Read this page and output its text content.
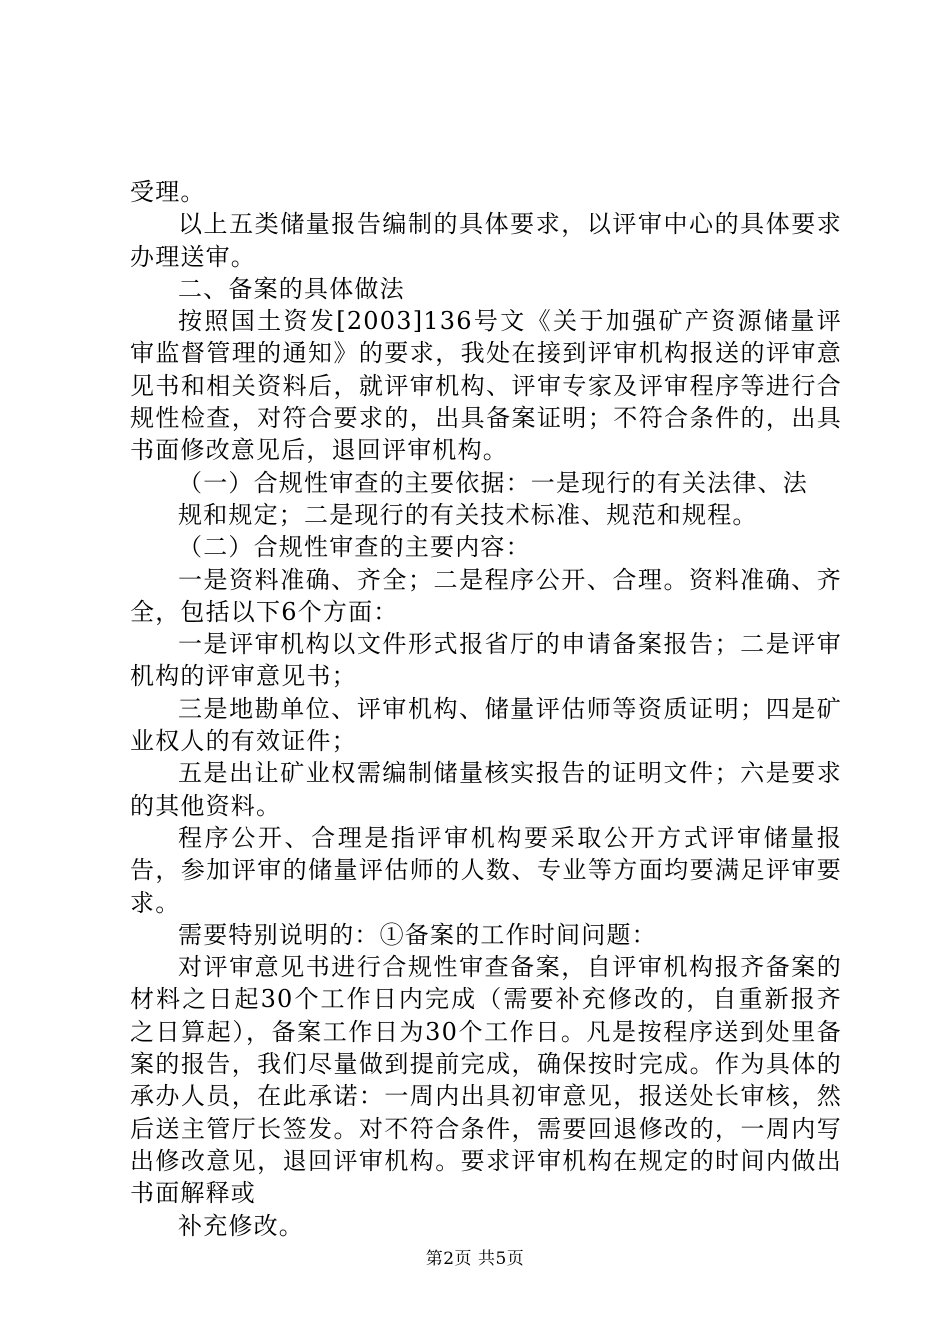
受理。

以上五类储量报告编制的具体要求，以评审中心的具体要求办理送审。

二、备案的具体做法

按照国土资发[2003]136号文《关于加强矿产资源储量评审监督管理的通知》的要求，我处在接到评审机构报送的评审意见书和相关资料后，就评审机构、评审专家及评审程序等进行合规性检查，对符合要求的，出具备案证明；不符合条件的，出具书面修改意见后，退回评审机构。

（一）合规性审查的主要依据：一是现行的有关法律、法

规和规定；二是现行的有关技术标准、规范和规程。

（二）合规性审查的主要内容：

一是资料准确、齐全；二是程序公开、合理。资料准确、齐全，包括以下6个方面：

一是评审机构以文件形式报省厅的申请备案报告；二是评审机构的评审意见书；

三是地勘单位、评审机构、储量评估师等资质证明；四是矿业权人的有效证件；

五是出让矿业权需编制储量核实报告的证明文件；六是要求的其他资料。

程序公开、合理是指评审机构要采取公开方式评审储量报告，参加评审的储量评估师的人数、专业等方面均要满足评审要求。

需要特别说明的：①备案的工作时间问题：

对评审意见书进行合规性审查备案，自评审机构报齐备案的材料之日起30个工作日内完成（需要补充修改的，自重新报齐之日算起），备案工作日为30个工作日。凡是按程序送到处里备案的报告，我们尽量做到提前完成，确保按时完成。作为具体的承办人员，在此承诺：一周内出具初审意见，报送处长审核，然后送主管厅长签发。对不符合条件，需要回退修改的，一周内写出修改意见，退回评审机构。要求评审机构在规定的时间内做出书面解释或

补充修改。

第2页 共5页
